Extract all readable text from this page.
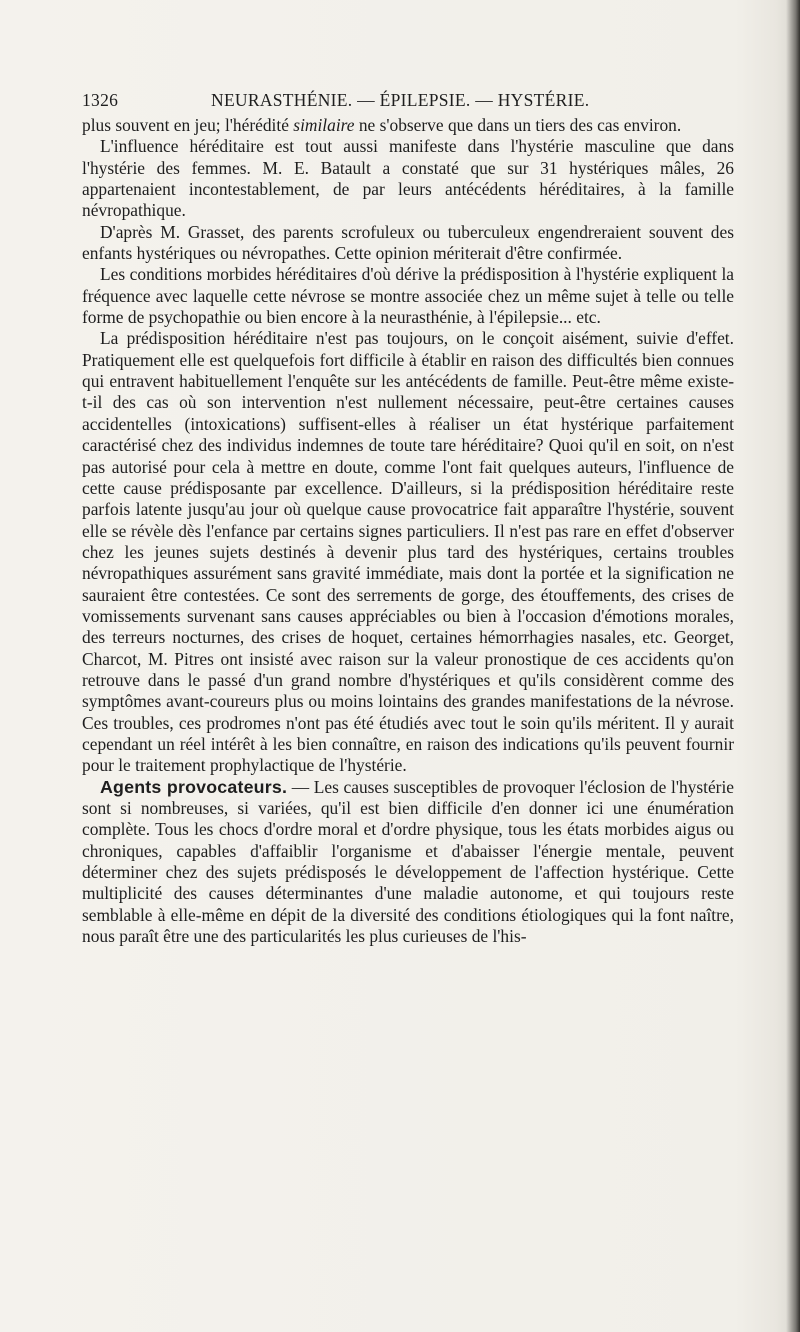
1326	NEURASTHÉNIE. — ÉPILEPSIE. — HYSTÉRIE.

plus souvent en jeu; l'hérédité similaire ne s'observe que dans un tiers des cas environ.

L'influence héréditaire est tout aussi manifeste dans l'hystérie masculine que dans l'hystérie des femmes. M. E. Batault a constaté que sur 31 hystériques mâles, 26 appartenaient incontestablement, de par leurs antécédents héréditaires, à la famille névropathique.

D'après M. Grasset, des parents scrofuleux ou tuberculeux engendreraient souvent des enfants hystériques ou névropathes. Cette opinion mériterait d'être confirmée.

Les conditions morbides héréditaires d'où dérive la prédisposition à l'hystérie expliquent la fréquence avec laquelle cette névrose se montre associée chez un même sujet à telle ou telle forme de psychopathie ou bien encore à la neurasthénie, à l'épilepsie... etc.

La prédisposition héréditaire n'est pas toujours, on le conçoit aisément, suivie d'effet. Pratiquement elle est quelquefois fort difficile à établir en raison des difficultés bien connues qui entravent habituellement l'enquête sur les antécédents de famille. Peut-être même existe-t-il des cas où son intervention n'est nullement nécessaire, peut-être certaines causes accidentelles (intoxications) suffisent-elles à réaliser un état hystérique parfaitement caractérisé chez des individus indemnes de toute tare héréditaire? Quoi qu'il en soit, on n'est pas autorisé pour cela à mettre en doute, comme l'ont fait quelques auteurs, l'influence de cette cause prédisposante par excellence. D'ailleurs, si la prédisposition héréditaire reste parfois latente jusqu'au jour où quelque cause provocatrice fait apparaître l'hystérie, souvent elle se révèle dès l'enfance par certains signes particuliers. Il n'est pas rare en effet d'observer chez les jeunes sujets destinés à devenir plus tard des hystériques, certains troubles névropathiques assurément sans gravité immédiate, mais dont la portée et la signification ne sauraient être contestées. Ce sont des serrements de gorge, des étouffements, des crises de vomissements survenant sans causes appréciables ou bien à l'occasion d'émotions morales, des terreurs nocturnes, des crises de hoquet, certaines hémorrhagies nasales, etc. Georget, Charcot, M. Pitres ont insisté avec raison sur la valeur pronostique de ces accidents qu'on retrouve dans le passé d'un grand nombre d'hystériques et qu'ils considèrent comme des symptômes avant-coureurs plus ou moins lointains des grandes manifestations de la névrose. Ces troubles, ces prodromes n'ont pas été étudiés avec tout le soin qu'ils méritent. Il y aurait cependant un réel intérêt à les bien connaître, en raison des indications qu'ils peuvent fournir pour le traitement prophylactique de l'hystérie.

Agents provocateurs. — Les causes susceptibles de provoquer l'éclosion de l'hystérie sont si nombreuses, si variées, qu'il est bien difficile d'en donner ici une énumération complète. Tous les chocs d'ordre moral et d'ordre physique, tous les états morbides aigus ou chroniques, capables d'affaiblir l'organisme et d'abaisser l'énergie mentale, peuvent déterminer chez des sujets prédisposés le développement de l'affection hystérique. Cette multiplicité des causes déterminantes d'une maladie autonome, et qui toujours reste semblable à elle-même en dépit de la diversité des conditions étiologiques qui la font naître, nous paraît être une des particularités les plus curieuses de l'his-
